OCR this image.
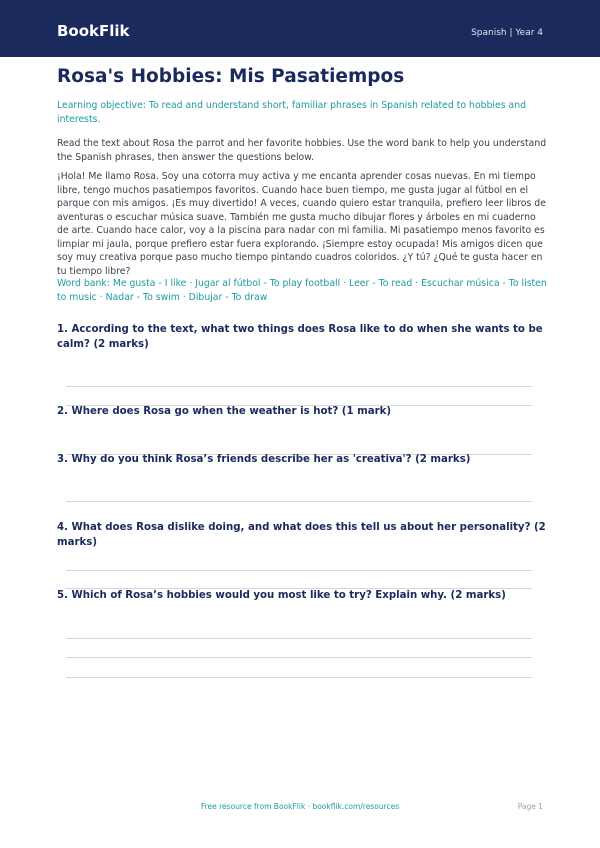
BookFlik	Spanish | Year 4
Rosa's Hobbies: Mis Pasatiempos

Learning objective: To read and understand short, familiar phrases in Spanish related to hobbies and interests.

Read the text about Rosa the parrot and her favorite hobbies. Use the word bank to help you understand the Spanish phrases, then answer the questions below.

¡Hola! Me llamo Rosa. Soy una cotorra muy activa y me encanta aprender cosas nuevas. En mi tiempo libre, tengo muchos pasatiempos favoritos. Cuando hace buen tiempo, me gusta jugar al fútbol en el parque con mis amigos. ¡Es muy divertido! A veces, cuando quiero estar tranquila, prefiero leer libros de aventuras o escuchar música suave. También me gusta mucho dibujar flores y árboles en mi cuaderno de arte. Cuando hace calor, voy a la piscina para nadar con mi familia. Mi pasatiempo menos favorito es limpiar mi jaula, porque prefiero estar fuera explorando. ¡Siempre estoy ocupada! Mis amigos dicen que soy muy creativa porque paso mucho tiempo pintando cuadros coloridos. ¿Y tú? ¿Qué te gusta hacer en tu tiempo libre?

Word bank: Me gusta - I like · Jugar al fútbol - To play football · Leer - To read · Escuchar música - To listen to music · Nadar - To swim · Dibujar - To draw

1. According to the text, what two things does Rosa like to do when she wants to be calm? (2 marks)

2. Where does Rosa go when the weather is hot? (1 mark)

3. Why do you think Rosa’s friends describe her as 'creativa'? (2 marks)

4. What does Rosa dislike doing, and what does this tell us about her personality? (2 marks)

5. Which of Rosa’s hobbies would you most like to try? Explain why. (2 marks)

Free resource from BookFlik · bookflik.com/resources	Page 1
